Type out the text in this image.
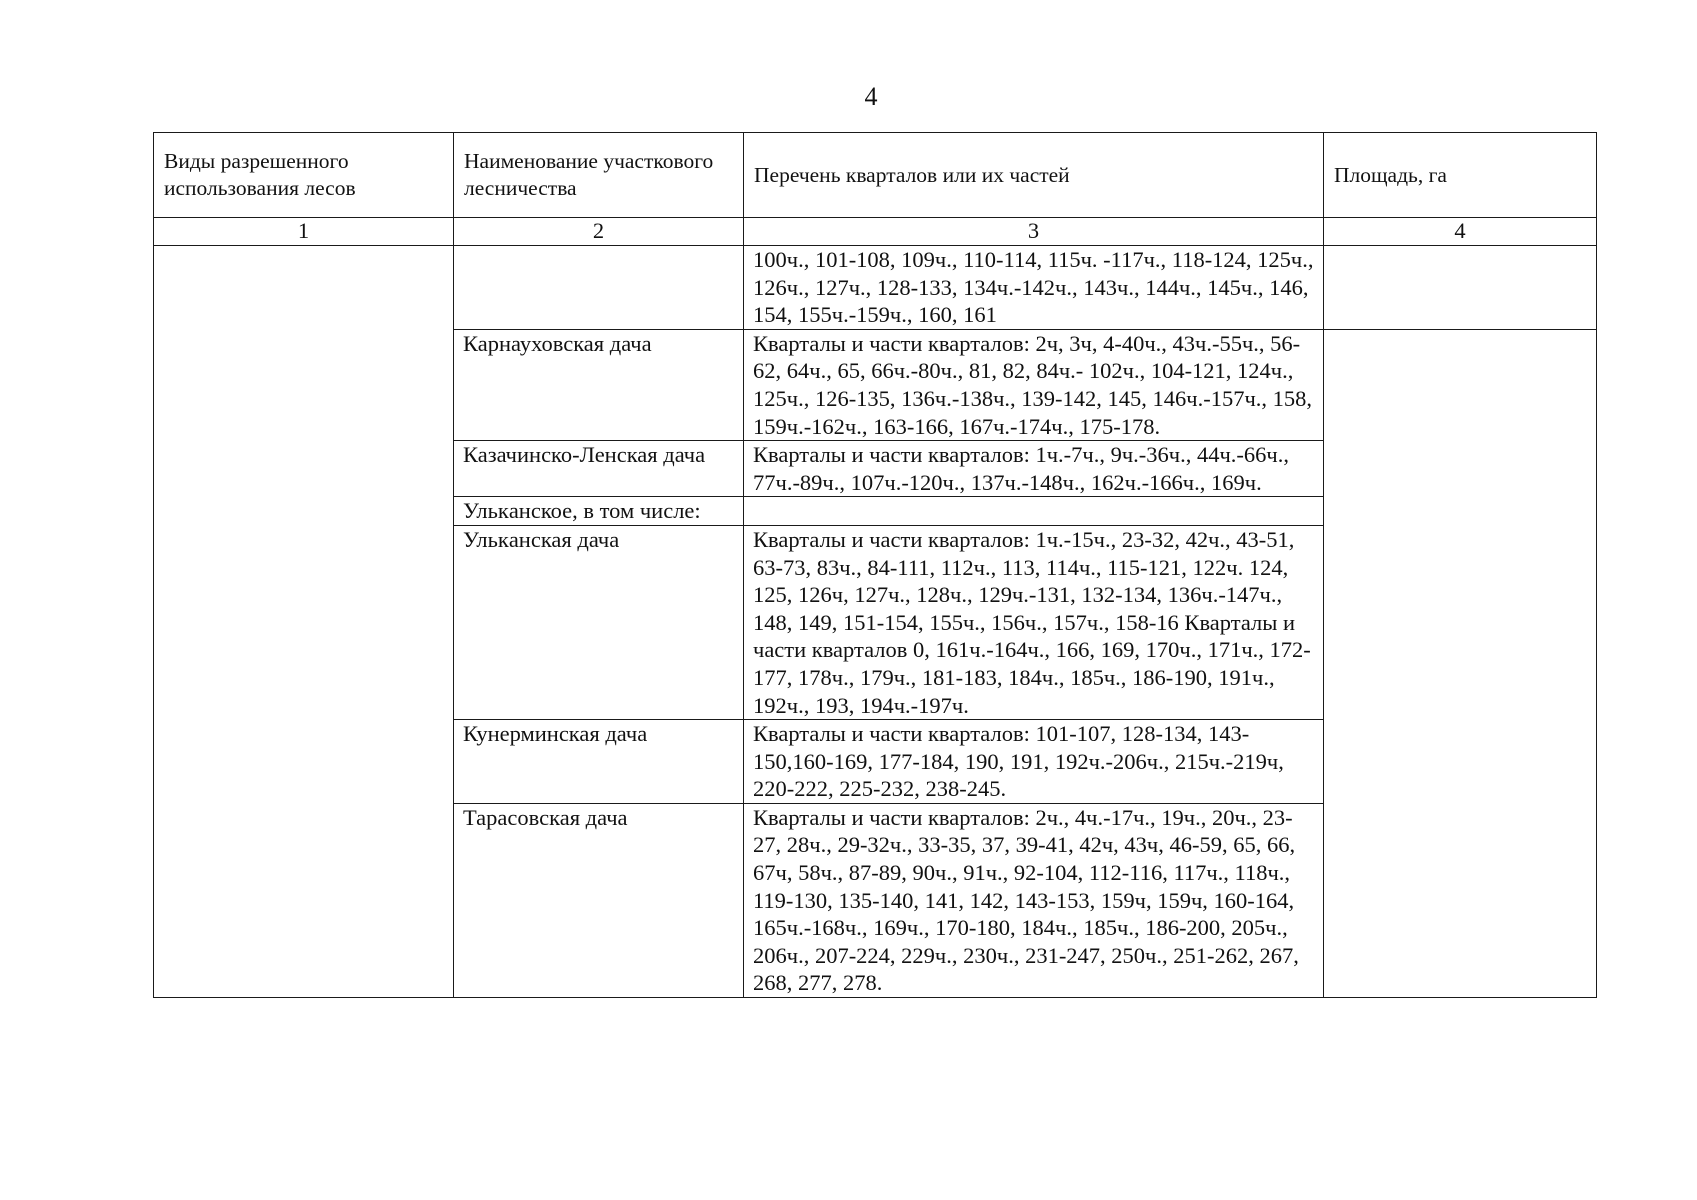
4
Виды разрешенного использования лесов	Наименование участкового лесничества	Перечень кварталов или их частей	Площадь, га
1	2	3	4
		100ч., 101-108, 109ч., 110-114, 115ч. -117ч., 118-124, 125ч., 126ч., 127ч., 128-133, 134ч.-142ч., 143ч., 144ч., 145ч., 146, 154, 155ч.-159ч., 160, 161	
	Карнауховская дача	Кварталы и части кварталов: 2ч, 3ч, 4-40ч., 43ч.-55ч., 56-62, 64ч., 65, 66ч.-80ч., 81, 82, 84ч.- 102ч., 104-121, 124ч., 125ч., 126-135, 136ч.-138ч., 139-142, 145, 146ч.-157ч., 158, 159ч.-162ч., 163-166, 167ч.-174ч., 175-178.	
	Казачинско-Ленская дача	Кварталы и части кварталов: 1ч.-7ч., 9ч.-36ч., 44ч.-66ч., 77ч.-89ч., 107ч.-120ч., 137ч.-148ч., 162ч.-166ч., 169ч.	
	Улькaнское, в том числе:		
	Улькaнская дача	Кварталы и части кварталов: 1ч.-15ч., 23-32, 42ч., 43-51, 63-73, 83ч., 84-111, 112ч., 113, 114ч., 115-121, 122ч. 124, 125, 126ч, 127ч., 128ч., 129ч.-131, 132-134, 136ч.-147ч., 148, 149, 151-154, 155ч., 156ч., 157ч., 158-16 Кварталы и части кварталов 0, 161ч.-164ч., 166, 169, 170ч., 171ч., 172-177, 178ч., 179ч., 181-183, 184ч., 185ч., 186-190, 191ч., 192ч., 193, 194ч.-197ч.	
	Кунерминская дача	Кварталы и части кварталов: 101-107, 128-134, 143-150,160-169, 177-184, 190, 191, 192ч.-206ч., 215ч.-219ч, 220-222, 225-232, 238-245.	
	Тарасовская дача	Кварталы и части кварталов: 2ч., 4ч.-17ч., 19ч., 20ч., 23-27, 28ч., 29-32ч., 33-35, 37, 39-41, 42ч, 43ч, 46-59, 65, 66, 67ч, 58ч., 87-89, 90ч., 91ч., 92-104, 112-116, 117ч., 118ч., 119-130, 135-140, 141, 142, 143-153, 159ч, 159ч, 160-164, 165ч.-168ч., 169ч., 170-180, 184ч., 185ч., 186-200, 205ч., 206ч., 207-224, 229ч., 230ч., 231-247, 250ч., 251-262, 267, 268, 277, 278.	
